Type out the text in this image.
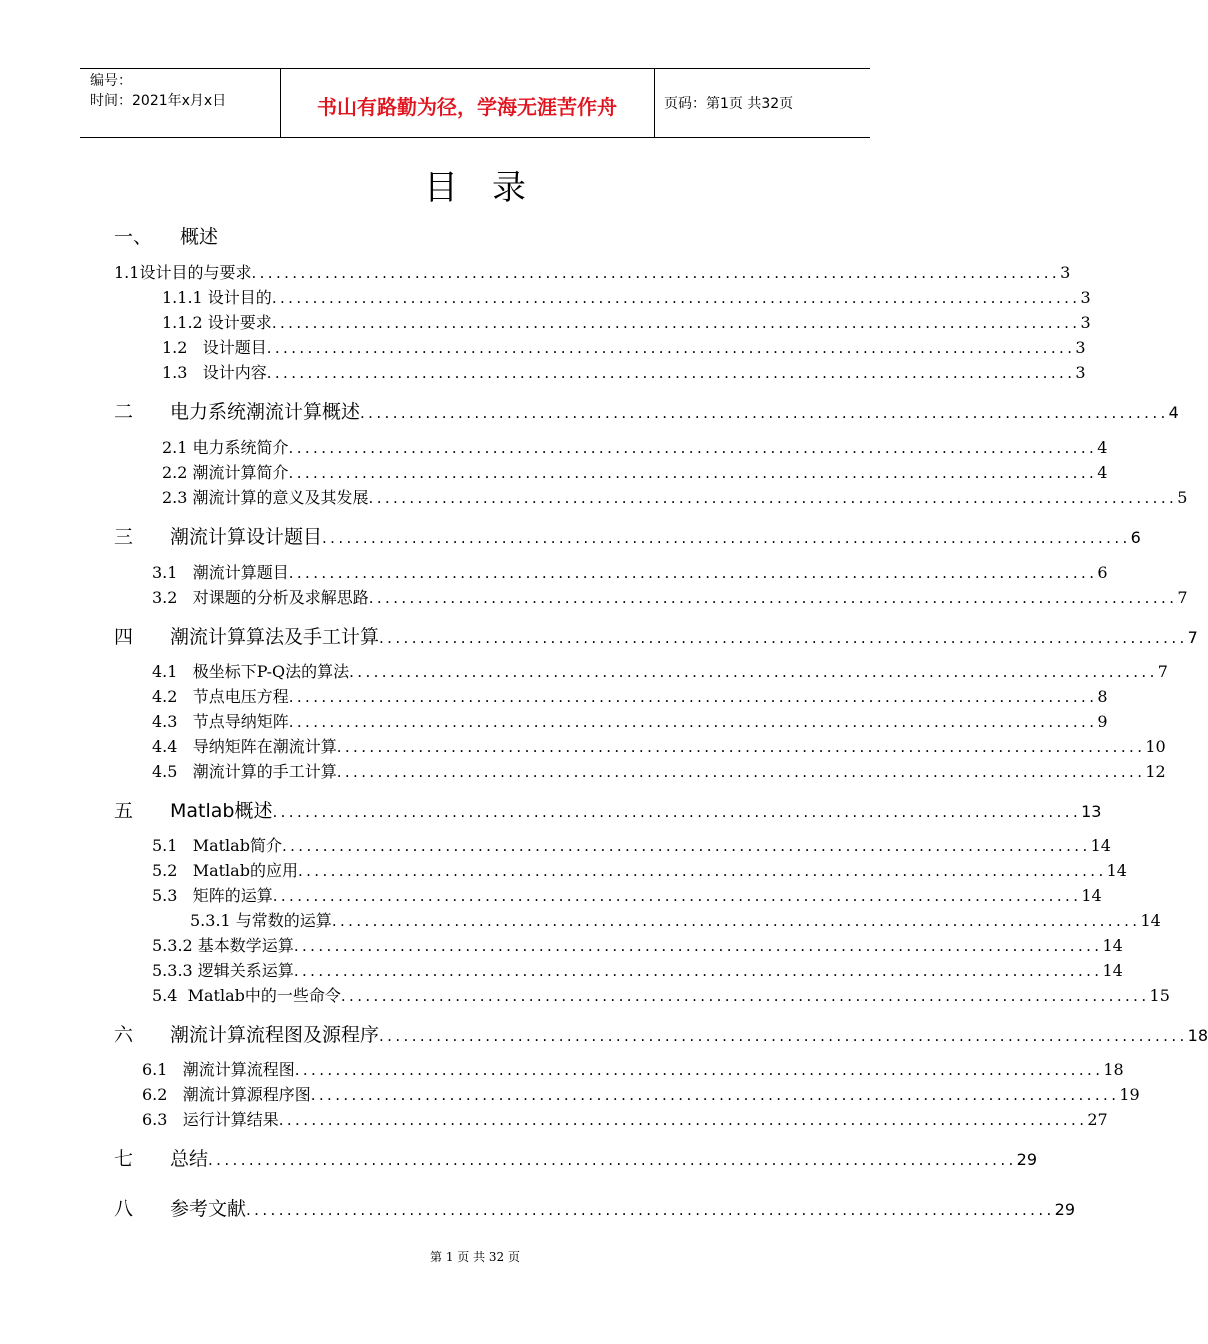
编号：
时间：2021年x月x日	书山有路勤为径，学海无涯苦作舟	页码：第1页 共32页
目录
一、 概述
1.1设计目的与要求 ................................................................................................... 3
1.1.1 设计目的 ................................................................................................... 3
1.1.2 设计要求 ................................................................................................... 3
1.2   设计题目 ................................................................................................... 3
1.3   设计内容 ................................................................................................... 3
二 电力系统潮流计算概述 ................................................................................................... 4
2.1 电力系统简介 ................................................................................................... 4
2.2 潮流计算简介 ................................................................................................... 4
2.3 潮流计算的意义及其发展 ................................................................................................... 5
三 潮流计算设计题目 ................................................................................................... 6
3.1   潮流计算题目 ................................................................................................... 6
3.2   对课题的分析及求解思路 ................................................................................................... 7
四 潮流计算算法及手工计算 ................................................................................................... 7
4.1   极坐标下P-Q法的算法 ................................................................................................... 7
4.2   节点电压方程 ................................................................................................... 8
4.3   节点导纳矩阵 ................................................................................................... 9
4.4   导纳矩阵在潮流计算 ................................................................................................... 10
4.5   潮流计算的手工计算 ................................................................................................... 12
五 Matlab概述 ................................................................................................... 13
5.1   Matlab简介 ................................................................................................... 14
5.2   Matlab的应用 ................................................................................................... 14
5.3   矩阵的运算 ................................................................................................... 14
5.3.1 与常数的运算 ................................................................................................... 14
5.3.2 基本数学运算 ................................................................................................... 14
5.3.3 逻辑关系运算 ................................................................................................... 14
5.4  Matlab中的一些命令 ................................................................................................... 15
六 潮流计算流程图及源程序 ................................................................................................... 18
6.1   潮流计算流程图 ................................................................................................... 18
6.2   潮流计算源程序图 ................................................................................................... 19
6.3   运行计算结果 ................................................................................................... 27
七 总结 ................................................................................................... 29
八 参考文献 ................................................................................................... 29
第 1 页 共 32 页
